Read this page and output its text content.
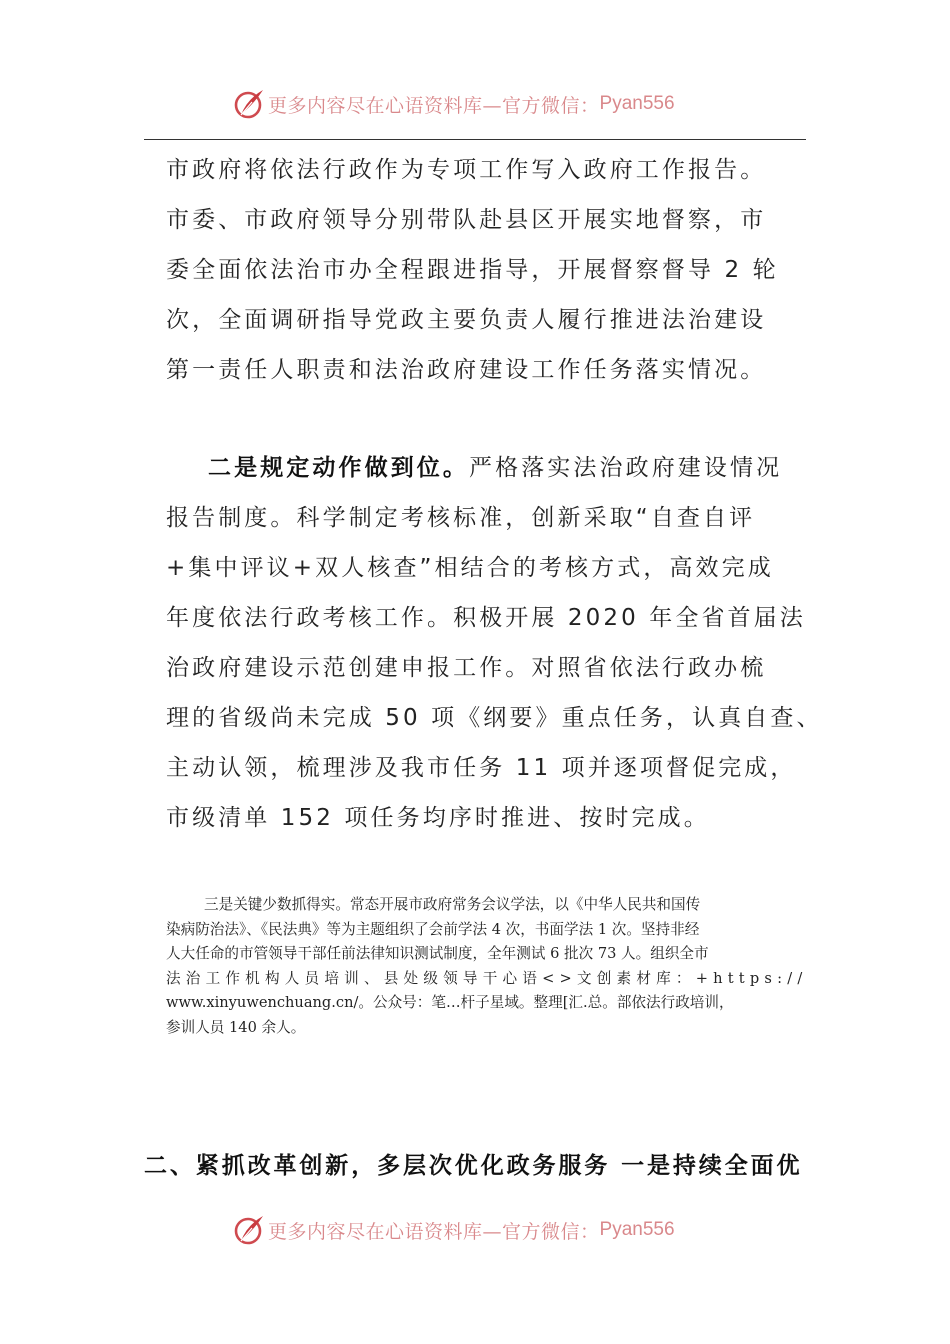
更多内容尽在心语资料库—官方微信： Pyan556
市政府将依法行政作为专项工作写入政府工作报告。
市委、市政府领导分别带队赴县区开展实地督察，市
委全面依法治市办全程跟进指导，开展督察督导 2 轮
次，全面调研指导党政主要负责人履行推进法治建设
第一责任人职责和法治政府建设工作任务落实情况。
二是规定动作做到位。严格落实法治政府建设情况
报告制度。科学制定考核标准，创新采取“自查自评
+集中评议+双人核查”相结合的考核方式，高效完成
年度依法行政考核工作。积极开展 2020 年全省首届法
治政府建设示范创建申报工作。对照省依法行政办梳
理的省级尚未完成 50 项《纲要》重点任务，认真自查、
主动认领，梳理涉及我市任务 11 项并逐项督促完成，
市级清单 152 项任务均序时推进、按时完成。
三是关键少数抓得实。常态开展市政府常务会议学法，以《中华人民共和国传
染病防治法》、《民法典》等为主题组织了会前学法 4 次，书面学法 1 次。坚持非经
人大任命的市管领导干部任前法律知识测试制度，全年测试 6 批次 73 人。组织全市
法治工作机构人员培训、县处级领导干心语<>文创素材库：+https://
www.xinyuwenchuang.cn/。公众号：笔…杆子星域。整理[汇.总。部依法行政培训，
参训人员 140 余人。
二、紧抓改革创新，多层次优化政务服务 一是持续全面优
更多内容尽在心语资料库—官方微信： Pyan556
